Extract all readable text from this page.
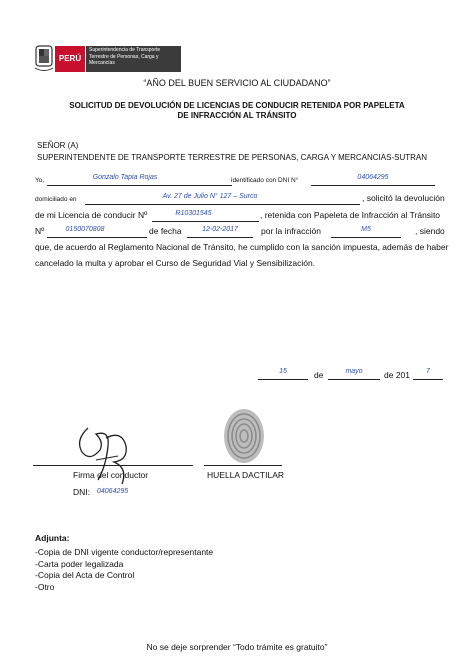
PERÚ
Superintendencia de Transporte Terrestre de Personas, Carga y Mercancías
“AÑO DEL BUEN SERVICIO AL CIUDADANO”
SOLICITUD DE DEVOLUCIÓN DE LICENCIAS DE CONDUCIR RETENIDA POR PAPELETA
DE INFRACCIÓN AL TRÁNSITO
SEÑOR (A)
SUPERINTENDENTE DE TRANSPORTE TERRESTRE DE PERSONAS, CARGA Y MERCANCIAS-SUTRAN
Yo,	Gonzalo Tapia Rojas	identificado con DNI N°	04064295
domiciliado en	Av. 27 de Julio N° 127 – Surco	, solicitó la devolución
de mi Licencia de conducir Nº	R10301545	, retenida con Papeleta de Infracción al Tránsito
Nº	0150070808	de fecha	12-02-2017	por la infracción	M5	, siendo
que, de acuerdo al Reglamento Nacional de Tránsito, he cumplido con la sanción impuesta, además de haber
cancelado la multa y aprobar el Curso de Seguridad Vial y Sensibilización.
15	de	mayo	de 201	7
Firma del conductor
DNI: 04064295
HUELLA DACTILAR
Adjunta:
-Copia de DNI vigente conductor/representante
-Carta poder legalizada
-Copia del Acta de Control
-Otro
No se deje sorprender “Todo trámite es gratuito”
